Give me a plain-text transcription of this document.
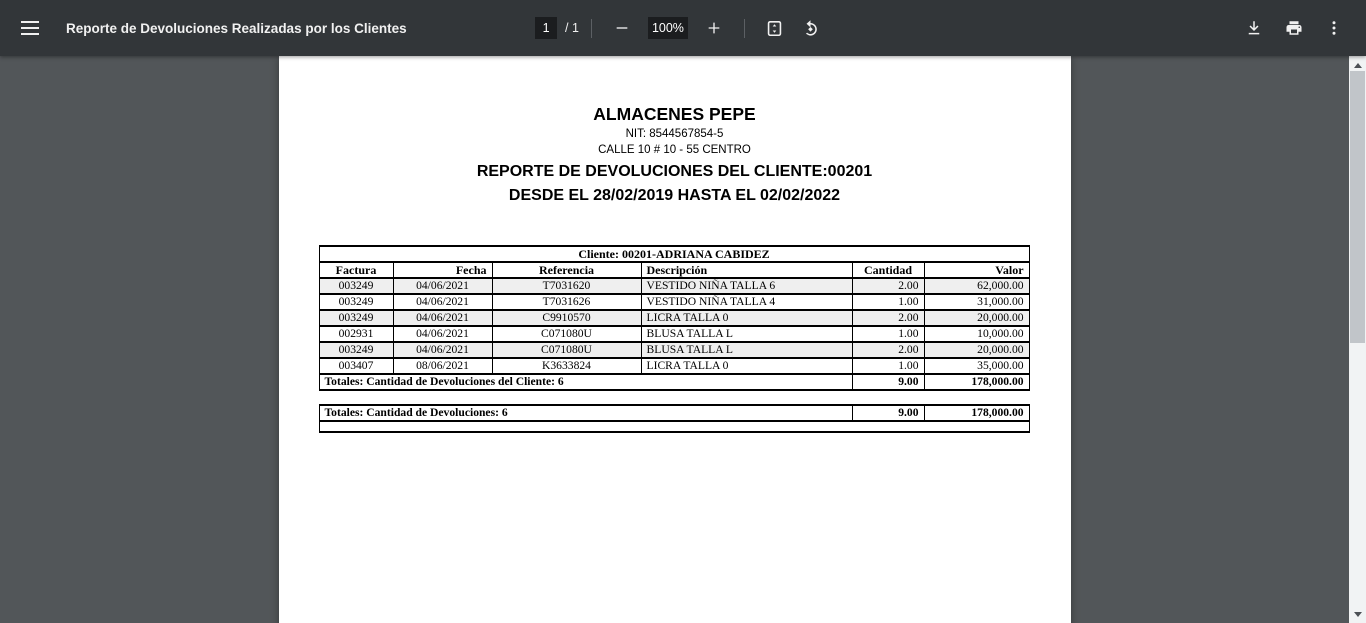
Reporte de Devoluciones Realizadas por los Clientes
1	/ 1	100%
ALMACENES PEPE
NIT: 8544567854-5
CALLE 10 # 10 - 55 CENTRO
REPORTE DE DEVOLUCIONES DEL CLIENTE:00201
DESDE EL 28/02/2019 HASTA EL 02/02/2022
Cliente: 00201-ADRIANA CABIDEZ					
Factura	Fecha	Referencia	Descripción	Cantidad	Valor
003249	04/06/2021	T7031620	VESTIDO NIÑA TALLA 6	2.00	62,000.00
003249	04/06/2021	T7031626	VESTIDO NIÑA TALLA 4	1.00	31,000.00
003249	04/06/2021	C9910570	LICRA TALLA 0	2.00	20,000.00
002931	04/06/2021	C071080U	BLUSA TALLA L	1.00	10,000.00
003249	04/06/2021	C071080U	BLUSA TALLA L	2.00	20,000.00
003407	08/06/2021	K3633824	LICRA TALLA 0	1.00	35,000.00
Totales: Cantidad de Devoluciones del Cliente: 6				9.00	178,000.00
Totales: Cantidad de Devoluciones: 6	9.00	178,000.00
